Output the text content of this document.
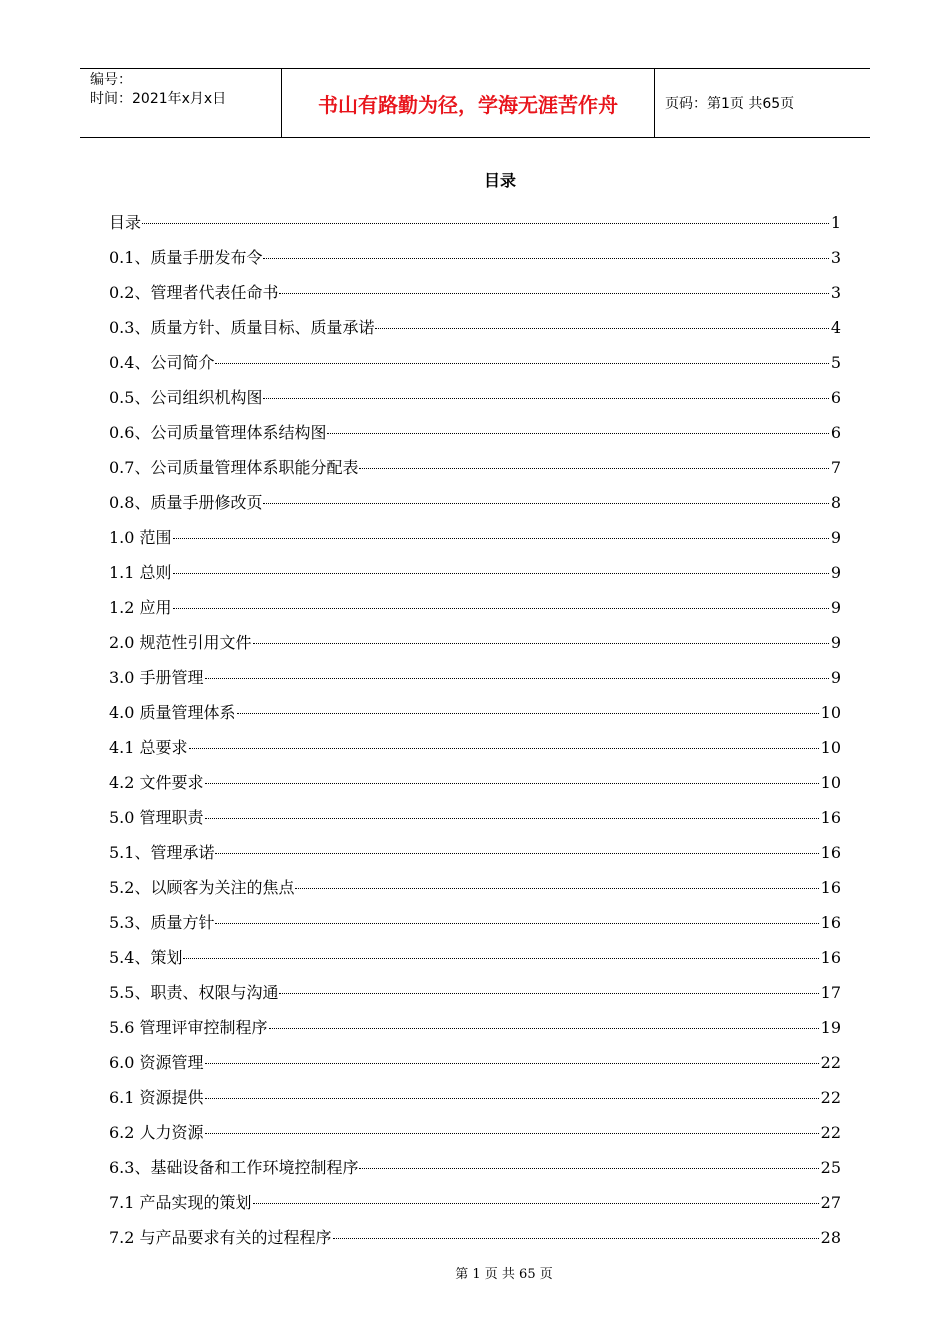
编号：
时间：2021年x月x日	书山有路勤为径，学海无涯苦作舟	页码：第1页 共65页
目录
目录	1
0.1、质量手册发布令	3
0.2、管理者代表任命书	3
0.3、质量方针、质量目标、质量承诺	4
0.4、公司简介	5
0.5、公司组织机构图	6
0.6、公司质量管理体系结构图	6
0.7、公司质量管理体系职能分配表	7
0.8、质量手册修改页	8
1.0 范围	9
1.1 总则	9
1.2 应用	9
2.0 规范性引用文件	9
3.0 手册管理	9
4.0 质量管理体系	10
4.1 总要求	10
4.2 文件要求	10
5.0 管理职责	16
5.1、管理承诺	16
5.2、以顾客为关注的焦点	16
5.3、质量方针	16
5.4、策划	16
5.5、职责、权限与沟通	17
5.6 管理评审控制程序	19
6.0 资源管理	22
6.1 资源提供	22
6.2 人力资源	22
6.3、基础设备和工作环境控制程序	25
7.1 产品实现的策划	27
7.2 与产品要求有关的过程程序	28
第 1 页 共 65 页
